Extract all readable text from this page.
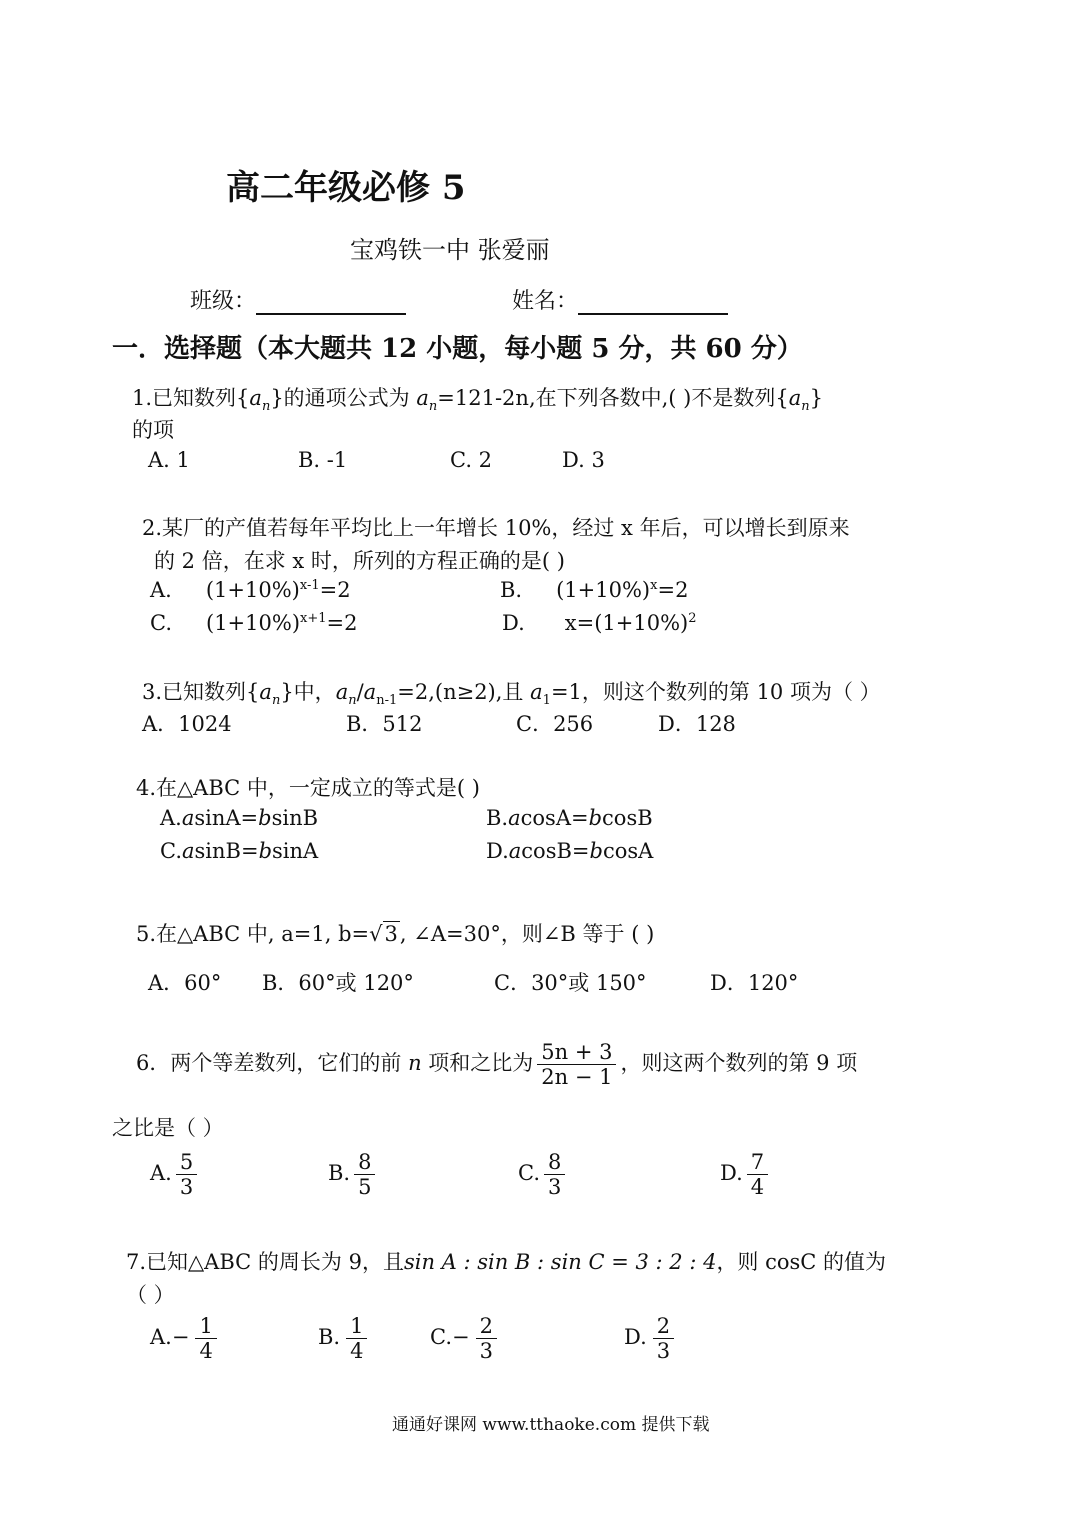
高二年级必修 5
宝鸡铁一中 张爱丽
班级：	姓名：
一．选择题（本大题共 12 小题，每小题 5 分，共 60 分）
1.已知数列$\{a_n\}$的通项公式为 $a_n=121-2n$,在下列各数中,( )不是数列$\{a_n\}$
的项
A. 1	B. -1	C. 2	D. 3
2.某厂的产值若每年平均比上一年增长 10%，经过 x 年后，可以增长到原来
的 2 倍，在求 x 时，所列的方程正确的是( )
A. $(1+10\%)^{x-1}=2$	B. $(1+10\%)^x=2$
C. $(1+10\%)^{x+1}=2$	D. $x=(1+10\%)^2$
3.已知数列$\{a_n\}$中，$a_n/a_{n-1}=2,(n\ge 2)$,且 $a_1=1$，则这个数列的第 10 项为（ ）
A．1024	B．512	C．256	D．128
4.在△ABC 中，一定成立的等式是( )
A.asinA=bsinB	B.acosA=bcosB
C.asinB=bsinA	D.acosB=bcosA
5.在△ABC 中, a=1, b=√3, ∠A=30°，则∠B 等于 ( )
A．60° B．60°或 120°	C．30°或 150°	D．120°
6．两个等差数列，它们的前 n 项和之比为 $\frac{5n + 3}{2n - 1}$ ，则这两个数列的第 9 项
之比是（ ）
A. $\frac{5}{3}$	B. $\frac{8}{5}$	C. $\frac{8}{3}$	D. $\frac{7}{4}$
7.已知△ABC 的周长为 9，且sin A : sin B : sin C = 3 : 2 : 4，则 cosC 的值为
（ ）
$A.- \frac{1}{4}$	B. $\frac{1}{4}$	$C.- \frac{2}{3}$	D. $\frac{2}{3}$
通通好课网 www.tthaoke.com 提供下载
